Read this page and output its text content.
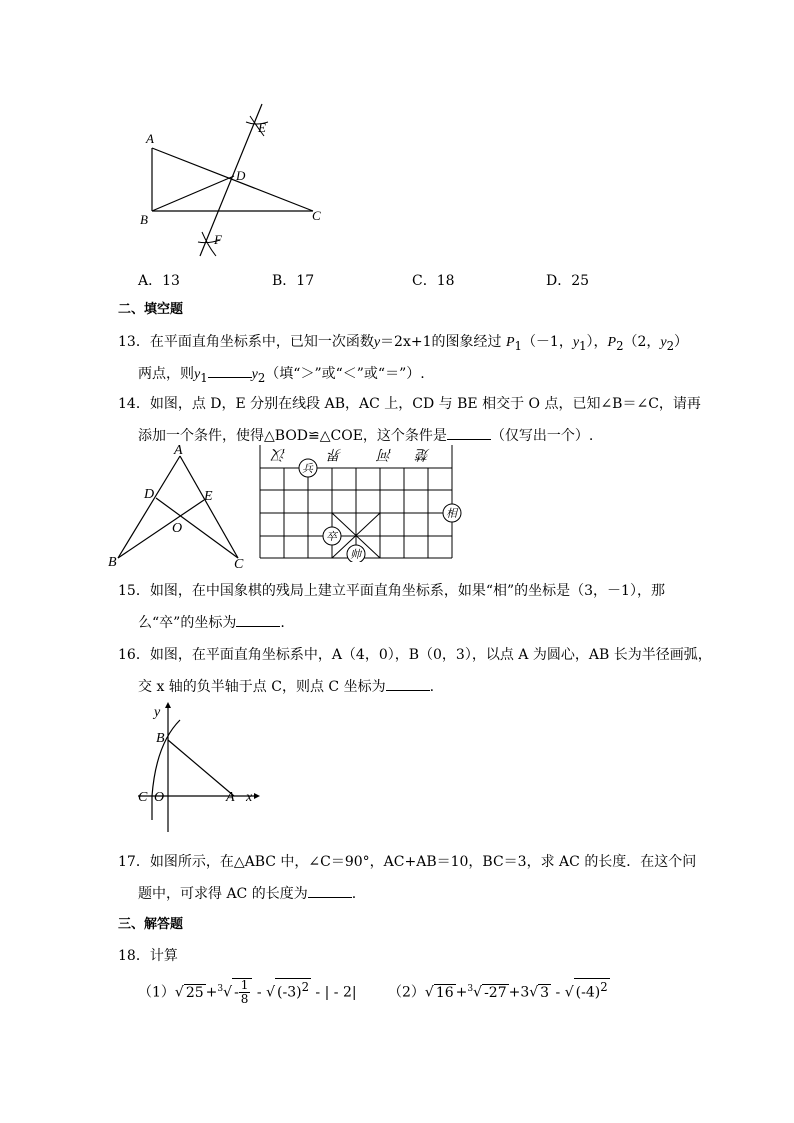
A
B	C
D
E
F
A．13	B．17	C．18	D．25
二、填空题
13．在平面直角坐标系中，已知一次函数y＝2x+1的图象经过 $P_1(-1$，$y_1$），$P_2(2$，$y_2$）
两点，则$y_1$	$y_2$（填“＞”或“＜”或“＝”）.
14．如图，点 D，E 分别在线段 AB，AC 上，CD 与 BE 相交于 O 点，已知∠B＝∠C，请再
添加一个条件，使得△BOD≌△COE，这个条件是	（仅写出一个）.
A
B	C
D	E
O
汉	界	河 楚
兵
相
卒
帅
15．如图，在中国象棋的残局上建立平面直角坐标系，如果“相”的坐标是（3，－1），那
么“卒”的坐标为	.
16．如图，在平面直角坐标系中，A（4，0），B（0，3），以点 A 为圆心，AB 长为半径画弧，
交 x 轴的负半轴于点 C，则点 C 坐标为	.
y
B
C O	A x
17．如图所示，在△ABC 中，∠C＝90°，AC+AB＝10，BC＝3，求 AC 的长度．在这个问
题中，可求得 AC 的长度为	.
三、解答题
18．计算
（1）√ $25 +^3√ - \frac{1}{8}$ - √ $(-3)^2$ - | - 2| （2）√ 16 +$^3$√ -27 +3√ 3 - √ $(-4)^2$
